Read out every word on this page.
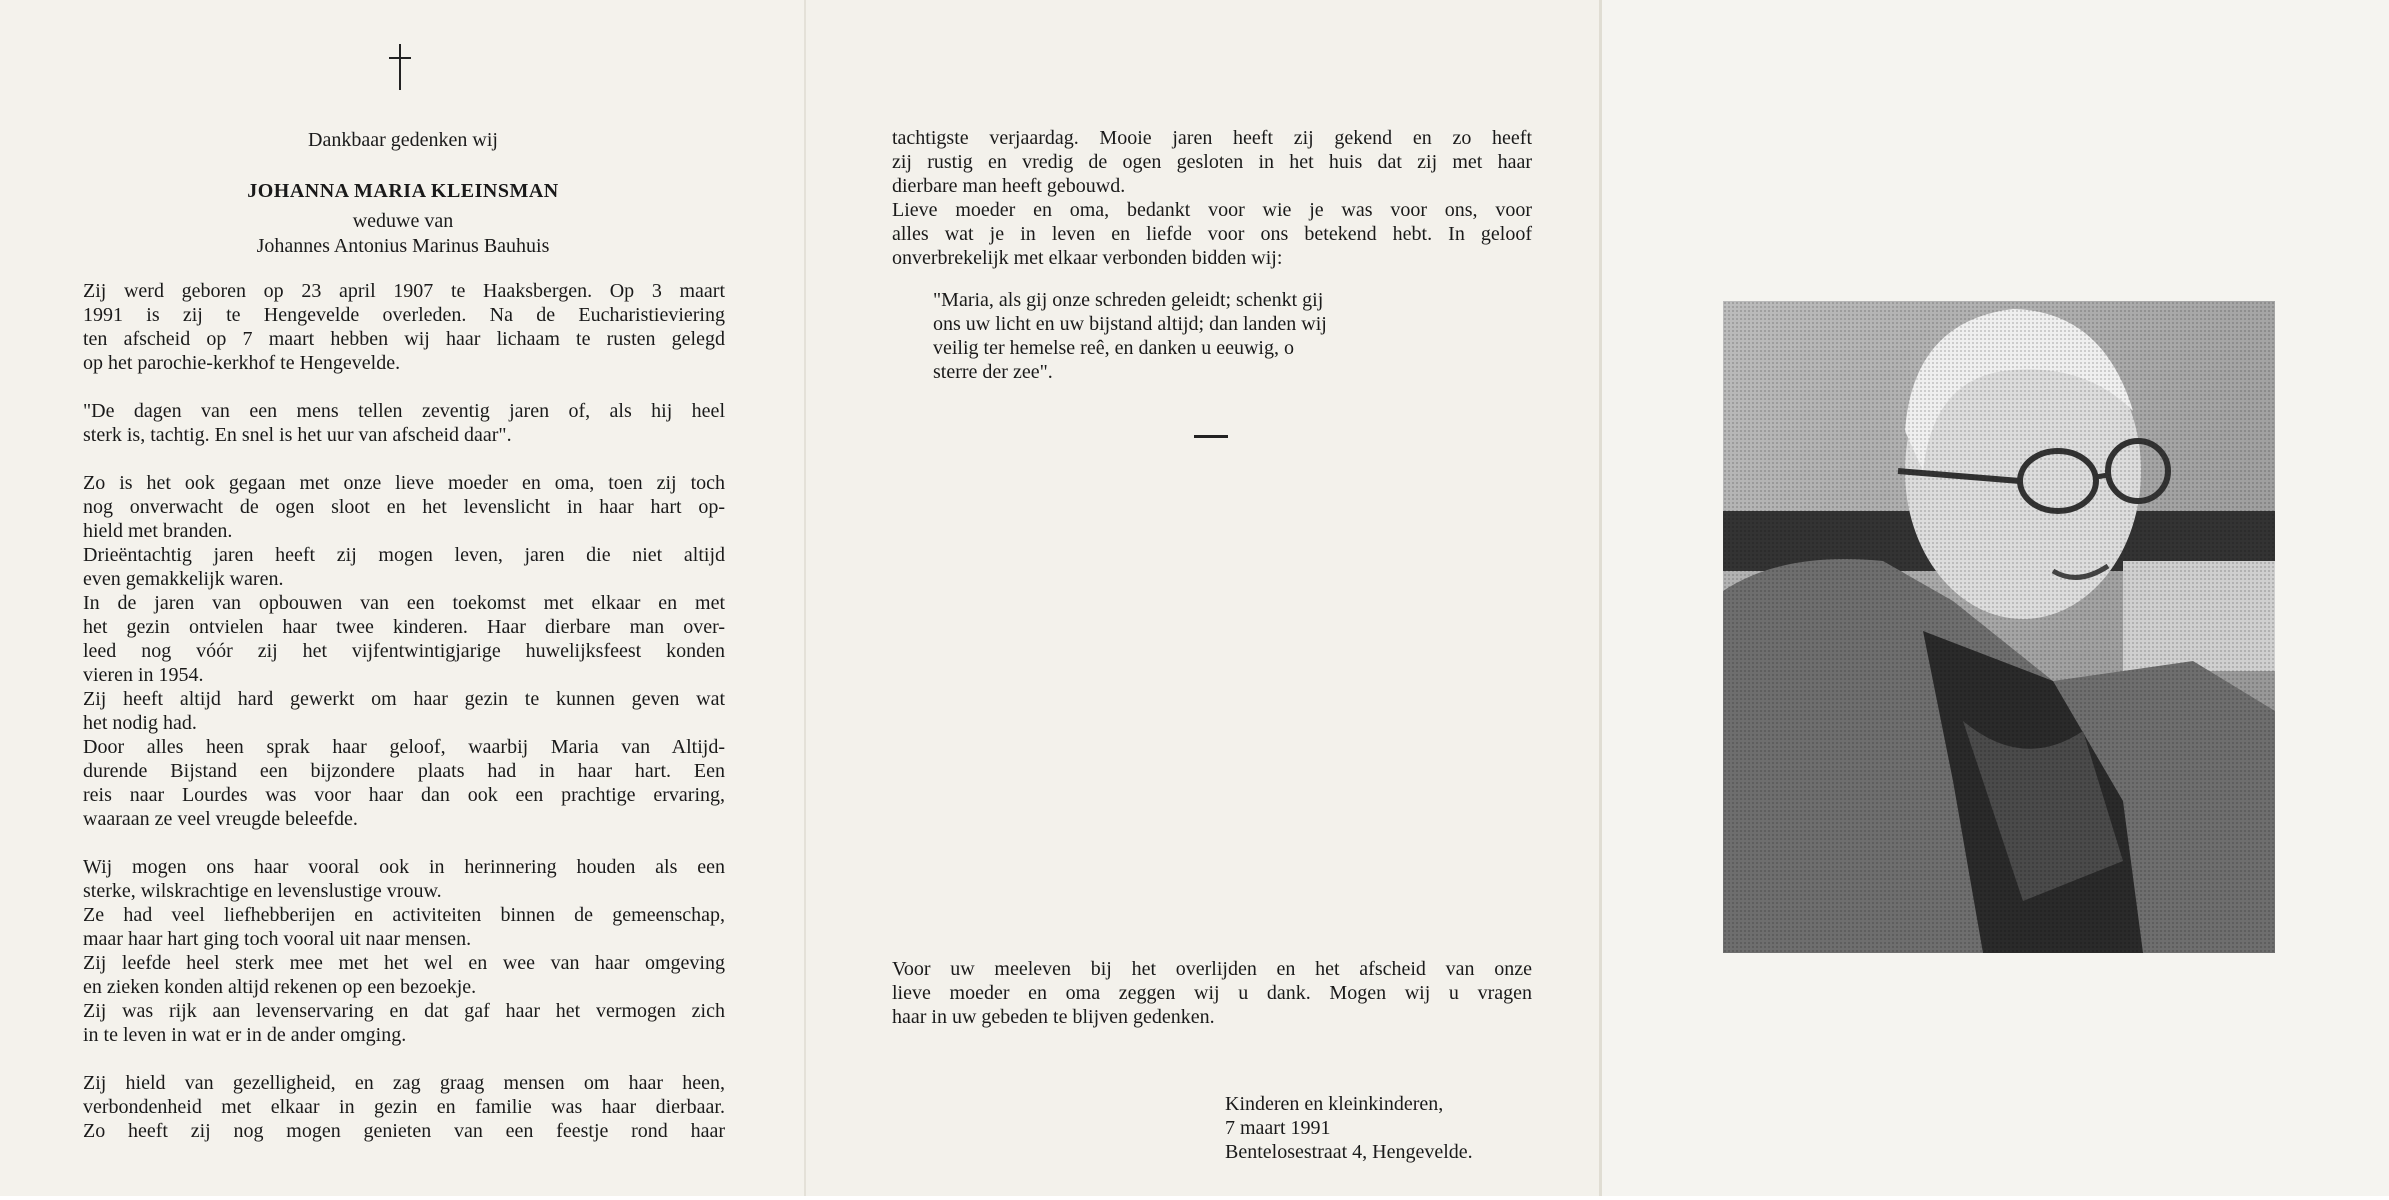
Dankbaar gedenken wij
JOHANNA MARIA KLEINSMAN
weduwe van
Johannes Antonius Marinus Bauhuis
Zij werd geboren op 23 april 1907 te Haaksbergen. Op 3 maart
1991 is zij te Hengevelde overleden. Na de Eucharistieviering
ten afscheid op 7 maart hebben wij haar lichaam te rusten gelegd
op het parochie-kerkhof te Hengevelde.
"De dagen van een mens tellen zeventig jaren of, als hij heel
sterk is, tachtig. En snel is het uur van afscheid daar".
Zo is het ook gegaan met onze lieve moeder en oma, toen zij toch
nog onverwacht de ogen sloot en het levenslicht in haar hart op-
hield met branden.
Drieëntachtig jaren heeft zij mogen leven, jaren die niet altijd
even gemakkelijk waren.
In de jaren van opbouwen van een toekomst met elkaar en met
het gezin ontvielen haar twee kinderen. Haar dierbare man over-
leed nog vóór zij het vijfentwintigjarige huwelijksfeest konden
vieren in 1954.
Zij heeft altijd hard gewerkt om haar gezin te kunnen geven wat
het nodig had.
Door alles heen sprak haar geloof, waarbij Maria van Altijd-
durende Bijstand een bijzondere plaats had in haar hart. Een
reis naar Lourdes was voor haar dan ook een prachtige ervaring,
waaraan ze veel vreugde beleefde.
Wij mogen ons haar vooral ook in herinnering houden als een
sterke, wilskrachtige en levenslustige vrouw.
Ze had veel liefhebberijen en activiteiten binnen de gemeenschap,
maar haar hart ging toch vooral uit naar mensen.
Zij leefde heel sterk mee met het wel en wee van haar omgeving
en zieken konden altijd rekenen op een bezoekje.
Zij was rijk aan levenservaring en dat gaf haar het vermogen zich
in te leven in wat er in de ander omging.
Zij hield van gezelligheid, en zag graag mensen om haar heen,
verbondenheid met elkaar in gezin en familie was haar dierbaar.
Zo heeft zij nog mogen genieten van een feestje rond haar
tachtigste verjaardag. Mooie jaren heeft zij gekend en zo heeft
zij rustig en vredig de ogen gesloten in het huis dat zij met haar
dierbare man heeft gebouwd.
Lieve moeder en oma, bedankt voor wie je was voor ons, voor
alles wat je in leven en liefde voor ons betekend hebt. In geloof
onverbrekelijk met elkaar verbonden bidden wij:
"Maria, als gij onze schreden geleidt; schenkt gij
ons uw licht en uw bijstand altijd; dan landen wij
veilig ter hemelse reê, en danken u eeuwig, o
sterre der zee".
Voor uw meeleven bij het overlijden en het afscheid van onze
lieve moeder en oma zeggen wij u dank. Mogen wij u vragen
haar in uw gebeden te blijven gedenken.
Kinderen en kleinkinderen,
7 maart 1991
Bentelosestraat 4, Hengevelde.
